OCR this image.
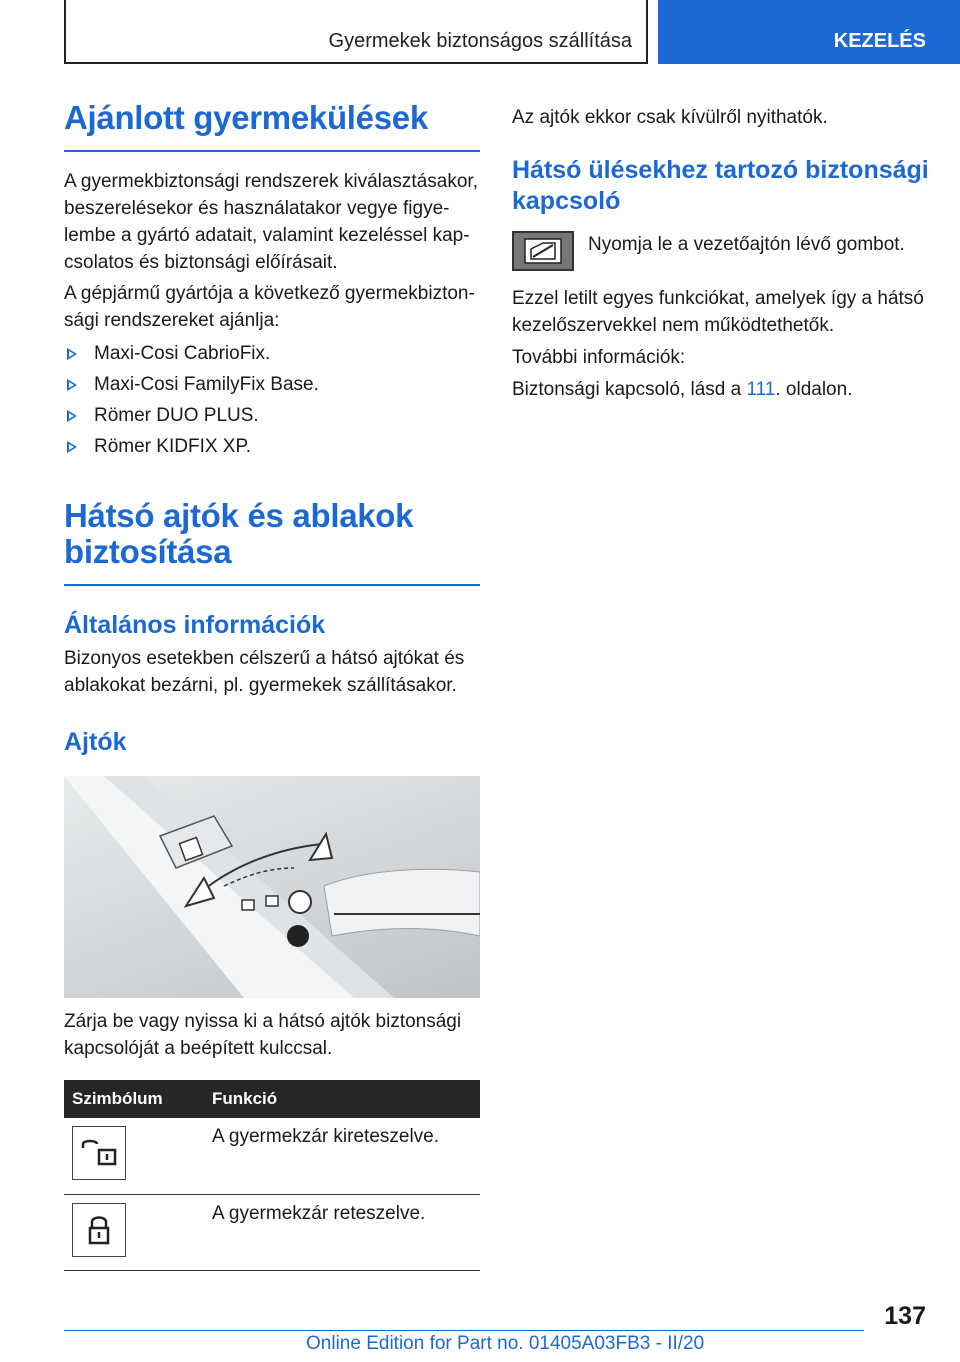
Gyermekek biztonságos szállítása	KEZELÉS
Ajánlott gyermekülések

A gyermekbiztonsági rendszerek kiválasztásakor, beszerelésekor és használatakor vegye figyelembe a gyártó adatait, valamint kezeléssel kapcsolatos és biztonsági előírásait.

A gépjármű gyártója a következő gyermekbiztonsági rendszereket ajánlja:

Maxi-Cosi CabrioFix.
Maxi-Cosi FamilyFix Base.
Römer DUO PLUS.
Römer KIDFIX XP.
Hátsó ajtók és ablakok biztosítása
Általános információk

Bizonyos esetekben célszerű a hátsó ajtókat és ablakokat bezárni, pl. gyermekek szállításakor.

Ajtók

Zárja be vagy nyissa ki a hátsó ajtók biztonsági kapcsolóját a beépített kulccsal.

Szimbólum	Funkció

	A gyermekzár kireteszelve.

	A gyermekzár reteszelve.

Az ajtók ekkor csak kívülről nyithatók.

Hátsó ülésekhez tartozó biztonsági kapcsoló

Nyomja le a vezetőajtón lévő gombot.

Ezzel letilt egyes funkciókat, amelyek így a hátsó kezelőszervekkel nem működtethetők.

További információk:

Biztonsági kapcsoló, lásd a 111. oldalon.

137
Online Edition for Part no. 01405A03FB3 - II/20
